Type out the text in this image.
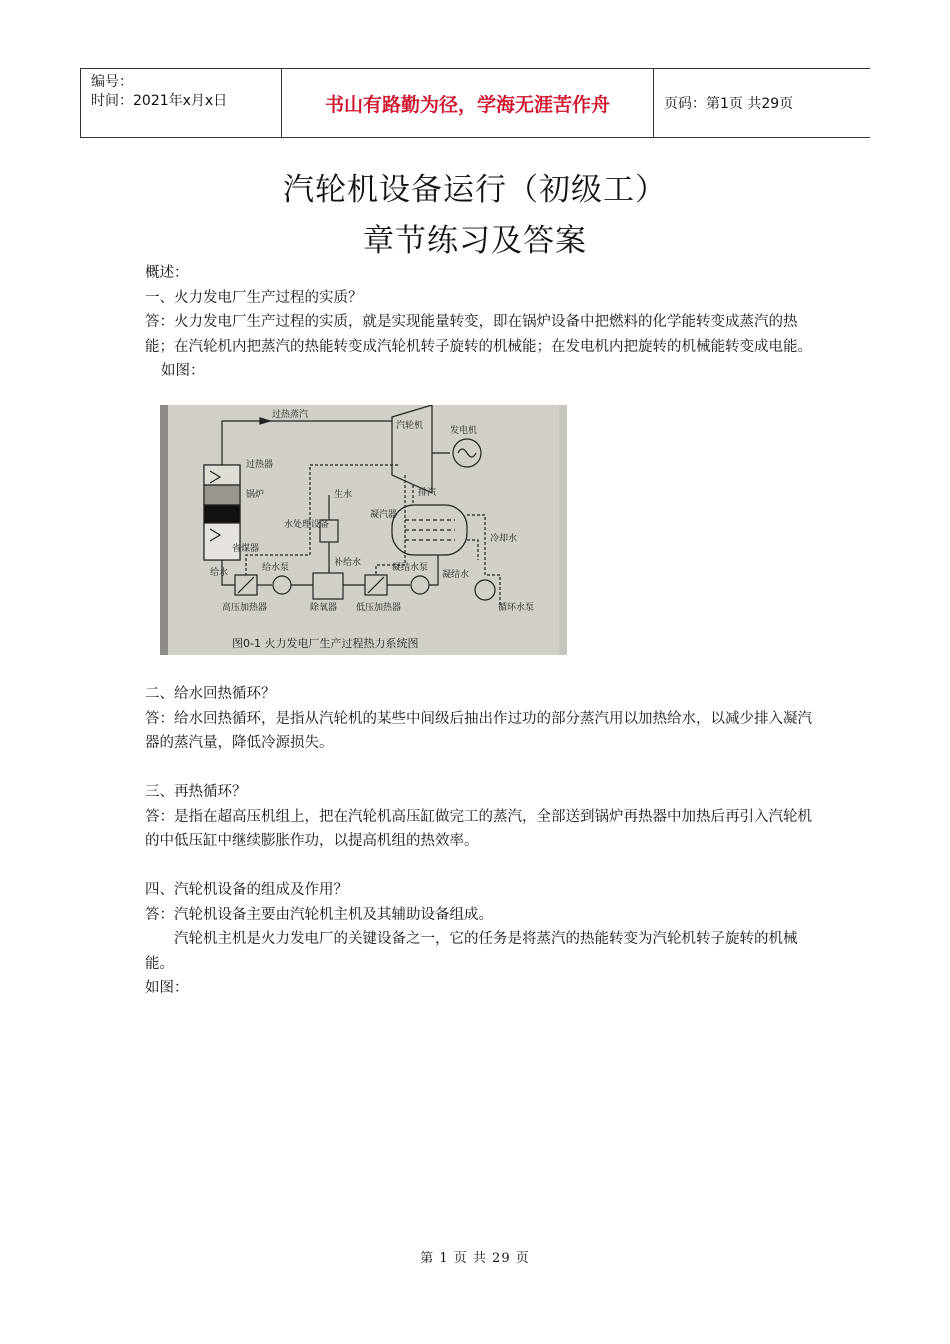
编号：
时间：2021年x月x日	书山有路勤为径，学海无涯苦作舟	页码：第1页 共29页
汽轮机设备运行（初级工）
章节练习及答案

概述：

一、火力发电厂生产过程的实质？

答：火力发电厂生产过程的实质，就是实现能量转变，即在锅炉设备中把燃料的化学能转变成蒸汽的热能；在汽轮机内把蒸汽的热能转变成汽轮机转子旋转的机械能；在发电机内把旋转的机械能转变成电能。

如图：

过热蒸汽
汽轮机	发电机
过热器
锅炉	生水	排汽
水处理设备
凝汽器
省煤器
给水
补给水
冷却水
凝结水泵
给水泵
凝结水
循环水泵
高压加热器	除氧器 低压加热器
图0-1 火力发电厂生产过程热力系统图

二、给水回热循环？

答：给水回热循环，是指从汽轮机的某些中间级后抽出作过功的部分蒸汽用以加热给水，以减少排入凝汽器的蒸汽量，降低冷源损失。

三、再热循环？

答：是指在超高压机组上，把在汽轮机高压缸做完工的蒸汽，全部送到锅炉再热器中加热后再引入汽轮机的中低压缸中继续膨胀作功，以提高机组的热效率。

四、汽轮机设备的组成及作用？

答：汽轮机设备主要由汽轮机主机及其辅助设备组成。

汽轮机主机是火力发电厂的关键设备之一，它的任务是将蒸汽的热能转变为汽轮机转子旋转的机械能。

如图：

第 1 页 共 29 页
